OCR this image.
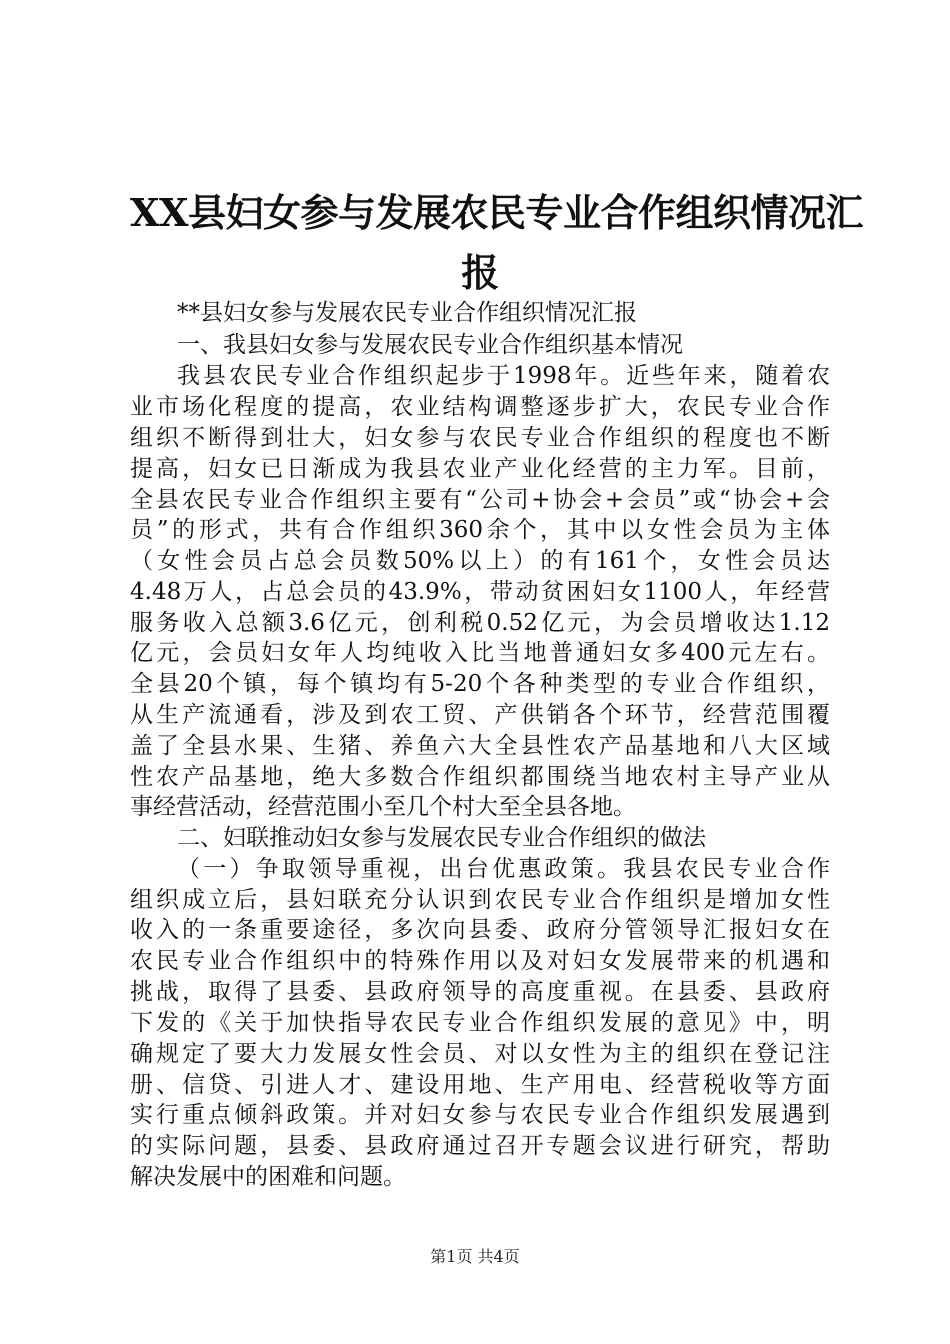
XX县妇女参与发展农民专业合作组织情况汇
报
**县妇女参与发展农民专业合作组织情况汇报
一、我县妇女参与发展农民专业合作组织基本情况
我县农民专业合作组织起步于1998年。近些年来，随着农
业市场化程度的提高，农业结构调整逐步扩大，农民专业合作
组织不断得到壮大，妇女参与农民专业合作组织的程度也不断
提高，妇女已日渐成为我县农业产业化经营的主力军。目前，
全县农民专业合作组织主要有“公司+协会+会员”或“协会+会
员”的形式，共有合作组织360余个，其中以女性会员为主体
（女性会员占总会员数50%以上）的有161个，女性会员达
4.48万人，占总会员的43.9%，带动贫困妇女1100人，年经营
服务收入总额3.6亿元，创利税0.52亿元，为会员增收达1.12
亿元，会员妇女年人均纯收入比当地普通妇女多400元左右。
全县20个镇，每个镇均有5-20个各种类型的专业合作组织，
从生产流通看，涉及到农工贸、产供销各个环节，经营范围覆
盖了全县水果、生猪、养鱼六大全县性农产品基地和八大区域
性农产品基地，绝大多数合作组织都围绕当地农村主导产业从
事经营活动，经营范围小至几个村大至全县各地。
二、妇联推动妇女参与发展农民专业合作组织的做法
（一）争取领导重视，出台优惠政策。我县农民专业合作
组织成立后，县妇联充分认识到农民专业合作组织是增加女性
收入的一条重要途径，多次向县委、政府分管领导汇报妇女在
农民专业合作组织中的特殊作用以及对妇女发展带来的机遇和
挑战，取得了县委、县政府领导的高度重视。在县委、县政府
下发的《关于加快指导农民专业合作组织发展的意见》中，明
确规定了要大力发展女性会员、对以女性为主的组织在登记注
册、信贷、引进人才、建设用地、生产用电、经营税收等方面
实行重点倾斜政策。并对妇女参与农民专业合作组织发展遇到
的实际问题，县委、县政府通过召开专题会议进行研究，帮助
解决发展中的困难和问题。
第1页 共4页
